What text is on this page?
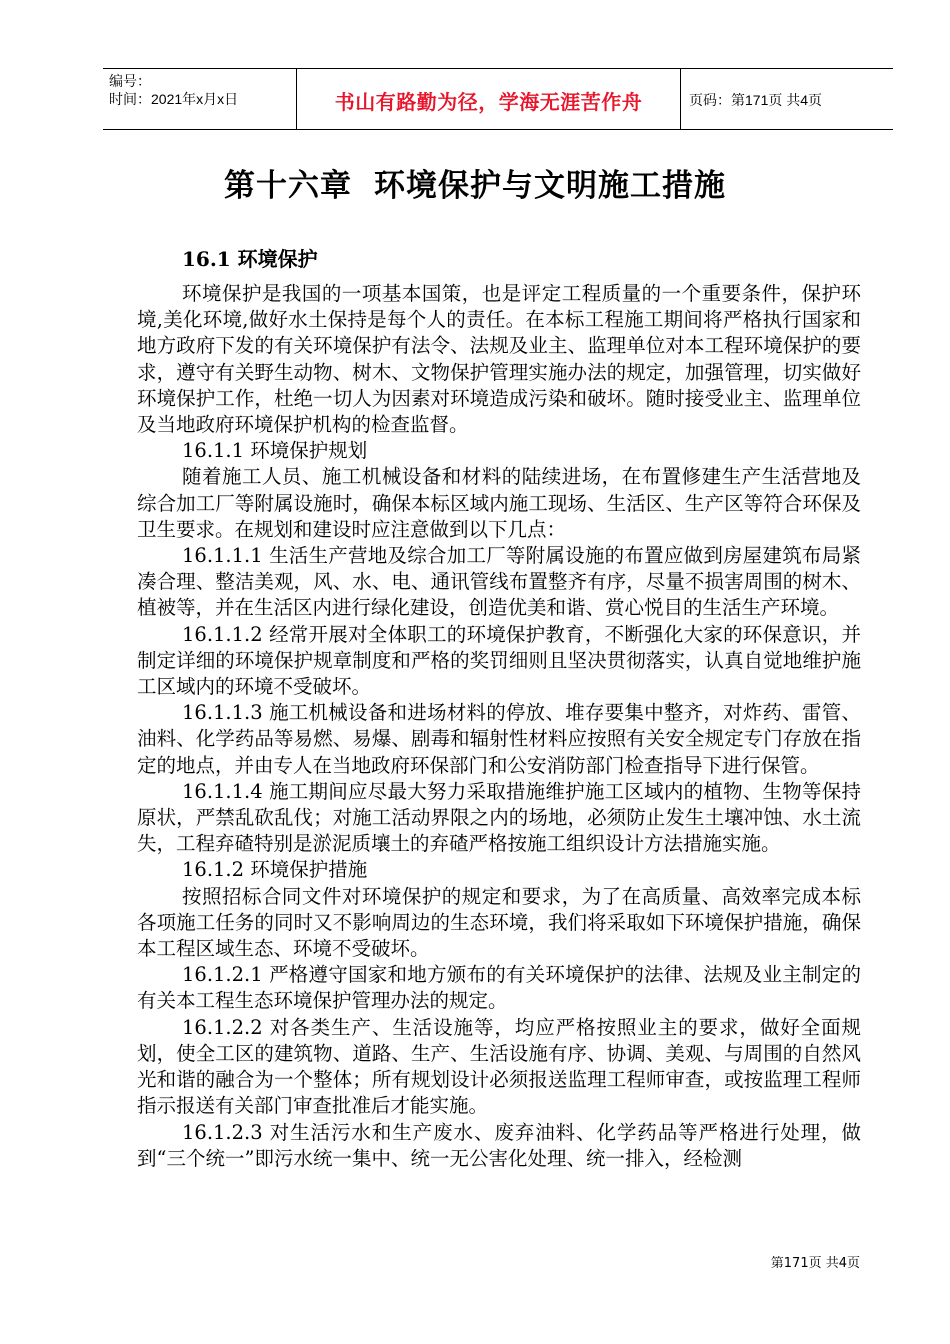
编号：
时间：2021年x月x日	书山有路勤为径，学海无涯苦作舟	页码：第171页 共4页
第十六章 环境保护与文明施工措施
16.1 环境保护

环境保护是我国的一项基本国策，也是评定工程质量的一个重要条件，保护环境,美化环境,做好水土保持是每个人的责任。在本标工程施工期间将严格执行国家和地方政府下发的有关环境保护有法令、法规及业主、监理单位对本工程环境保护的要求，遵守有关野生动物、树木、文物保护管理实施办法的规定，加强管理，切实做好环境保护工作，杜绝一切人为因素对环境造成污染和破坏。随时接受业主、监理单位及当地政府环境保护机构的检查监督。

16.1.1 环境保护规划

随着施工人员、施工机械设备和材料的陆续进场，在布置修建生产生活营地及综合加工厂等附属设施时，确保本标区域内施工现场、生活区、生产区等符合环保及卫生要求。在规划和建设时应注意做到以下几点：

16.1.1.1 生活生产营地及综合加工厂等附属设施的布置应做到房屋建筑布局紧凑合理、整洁美观，风、水、电、通讯管线布置整齐有序，尽量不损害周围的树木、植被等，并在生活区内进行绿化建设，创造优美和谐、赏心悦目的生活生产环境。

16.1.1.2 经常开展对全体职工的环境保护教育，不断强化大家的环保意识，并制定详细的环境保护规章制度和严格的奖罚细则且坚决贯彻落实，认真自觉地维护施工区域内的环境不受破坏。

16.1.1.3 施工机械设备和进场材料的停放、堆存要集中整齐，对炸药、雷管、油料、化学药品等易燃、易爆、剧毒和辐射性材料应按照有关安全规定专门存放在指定的地点，并由专人在当地政府环保部门和公安消防部门检查指导下进行保管。

16.1.1.4 施工期间应尽最大努力采取措施维护施工区域内的植物、生物等保持原状，严禁乱砍乱伐；对施工活动界限之内的场地，必须防止发生土壤冲蚀、水土流失，工程弃碴特别是淤泥质壤土的弃碴严格按施工组织设计方法措施实施。

16.1.2 环境保护措施

按照招标合同文件对环境保护的规定和要求，为了在高质量、高效率完成本标各项施工任务的同时又不影响周边的生态环境，我们将采取如下环境保护措施，确保本工程区域生态、环境不受破坏。

16.1.2.1 严格遵守国家和地方颁布的有关环境保护的法律、法规及业主制定的有关本工程生态环境保护管理办法的规定。

16.1.2.2 对各类生产、生活设施等，均应严格按照业主的要求，做好全面规划，使全工区的建筑物、道路、生产、生活设施有序、协调、美观、与周围的自然风光和谐的融合为一个整体；所有规划设计必须报送监理工程师审查，或按监理工程师指示报送有关部门审查批准后才能实施。

16.1.2.3 对生活污水和生产废水、废弃油料、化学药品等严格进行处理，做到“三个统一”即污水统一集中、统一无公害化处理、统一排入，经检测

第171页 共4页
